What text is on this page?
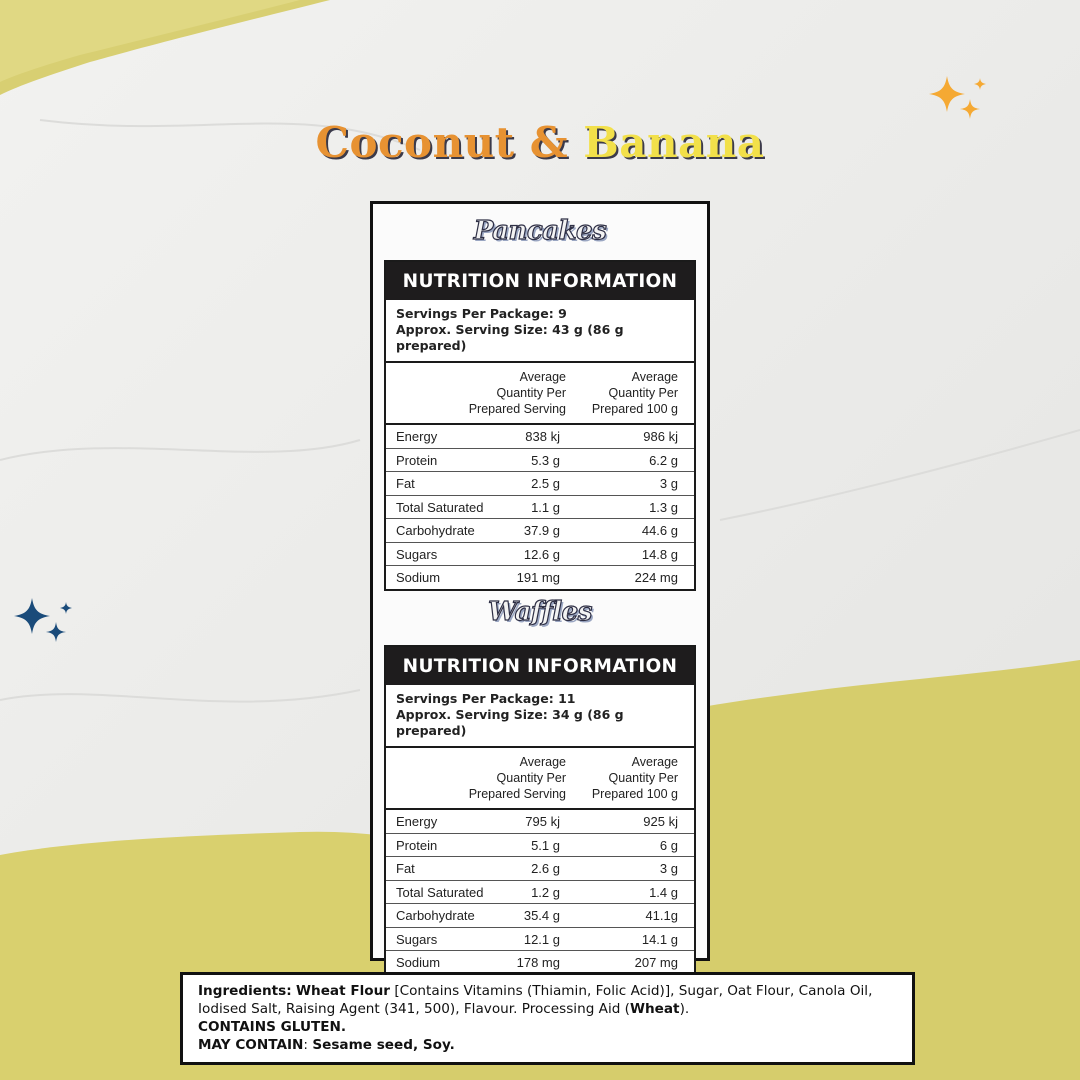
Coconut & Banana
Pancakes
NUTRITION INFORMATION
Servings Per Package: 9
Approx. Serving Size: 43 g (86 g prepared)
Average
Quantity Per
Prepared Serving
Average
Quantity Per
Prepared 100 g
Energy	838 kj	986 kj
Protein	5.3 g	6.2 g
Fat	2.5 g	3 g
Total Saturated	1.1 g	1.3 g
Carbohydrate	37.9 g	44.6 g
Sugars	12.6 g	14.8 g
Sodium	191 mg	224 mg
Waffles
NUTRITION INFORMATION
Servings Per Package: 11
Approx. Serving Size: 34 g (86 g prepared)
Average
Quantity Per
Prepared Serving
Average
Quantity Per
Prepared 100 g
Energy	795 kj	925 kj
Protein	5.1 g	6 g
Fat	2.6 g	3 g
Total Saturated	1.2 g	1.4 g
Carbohydrate	35.4 g	41.1g
Sugars	12.1 g	14.1 g
Sodium	178 mg	207 mg
Ingredients: Wheat Flour [Contains Vitamins (Thiamin, Folic Acid)], Sugar, Oat Flour, Canola Oil, Iodised Salt, Raising Agent (341, 500), Flavour. Processing Aid (Wheat).
CONTAINS GLUTEN.
MAY CONTAIN: Sesame seed, Soy.
